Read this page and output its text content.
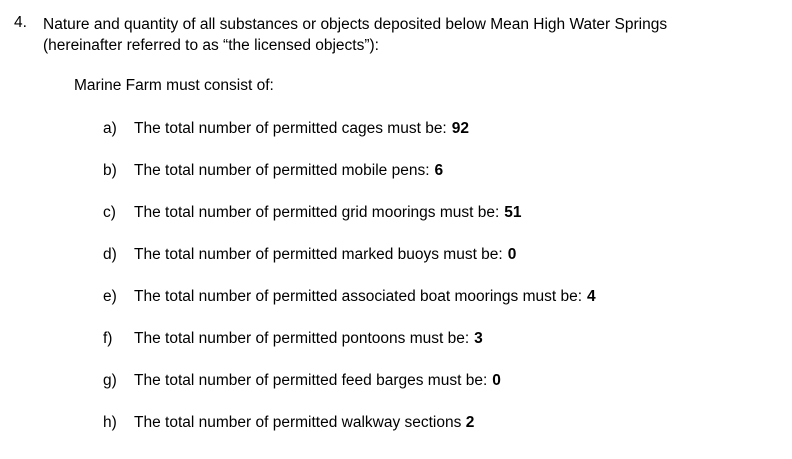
4. Nature and quantity of all substances or objects deposited below Mean High Water Springs
(hereinafter referred to as “the licensed objects”):
Marine Farm must consist of:
a) The total number of permitted cages must be: 92
b) The total number of permitted mobile pens: 6
c) The total number of permitted grid moorings must be: 51
d) The total number of permitted marked buoys must be: 0
e) The total number of permitted associated boat moorings must be: 4
f) The total number of permitted pontoons must be: 3
g) The total number of permitted feed barges must be: 0
h) The total number of permitted walkway sections 2
